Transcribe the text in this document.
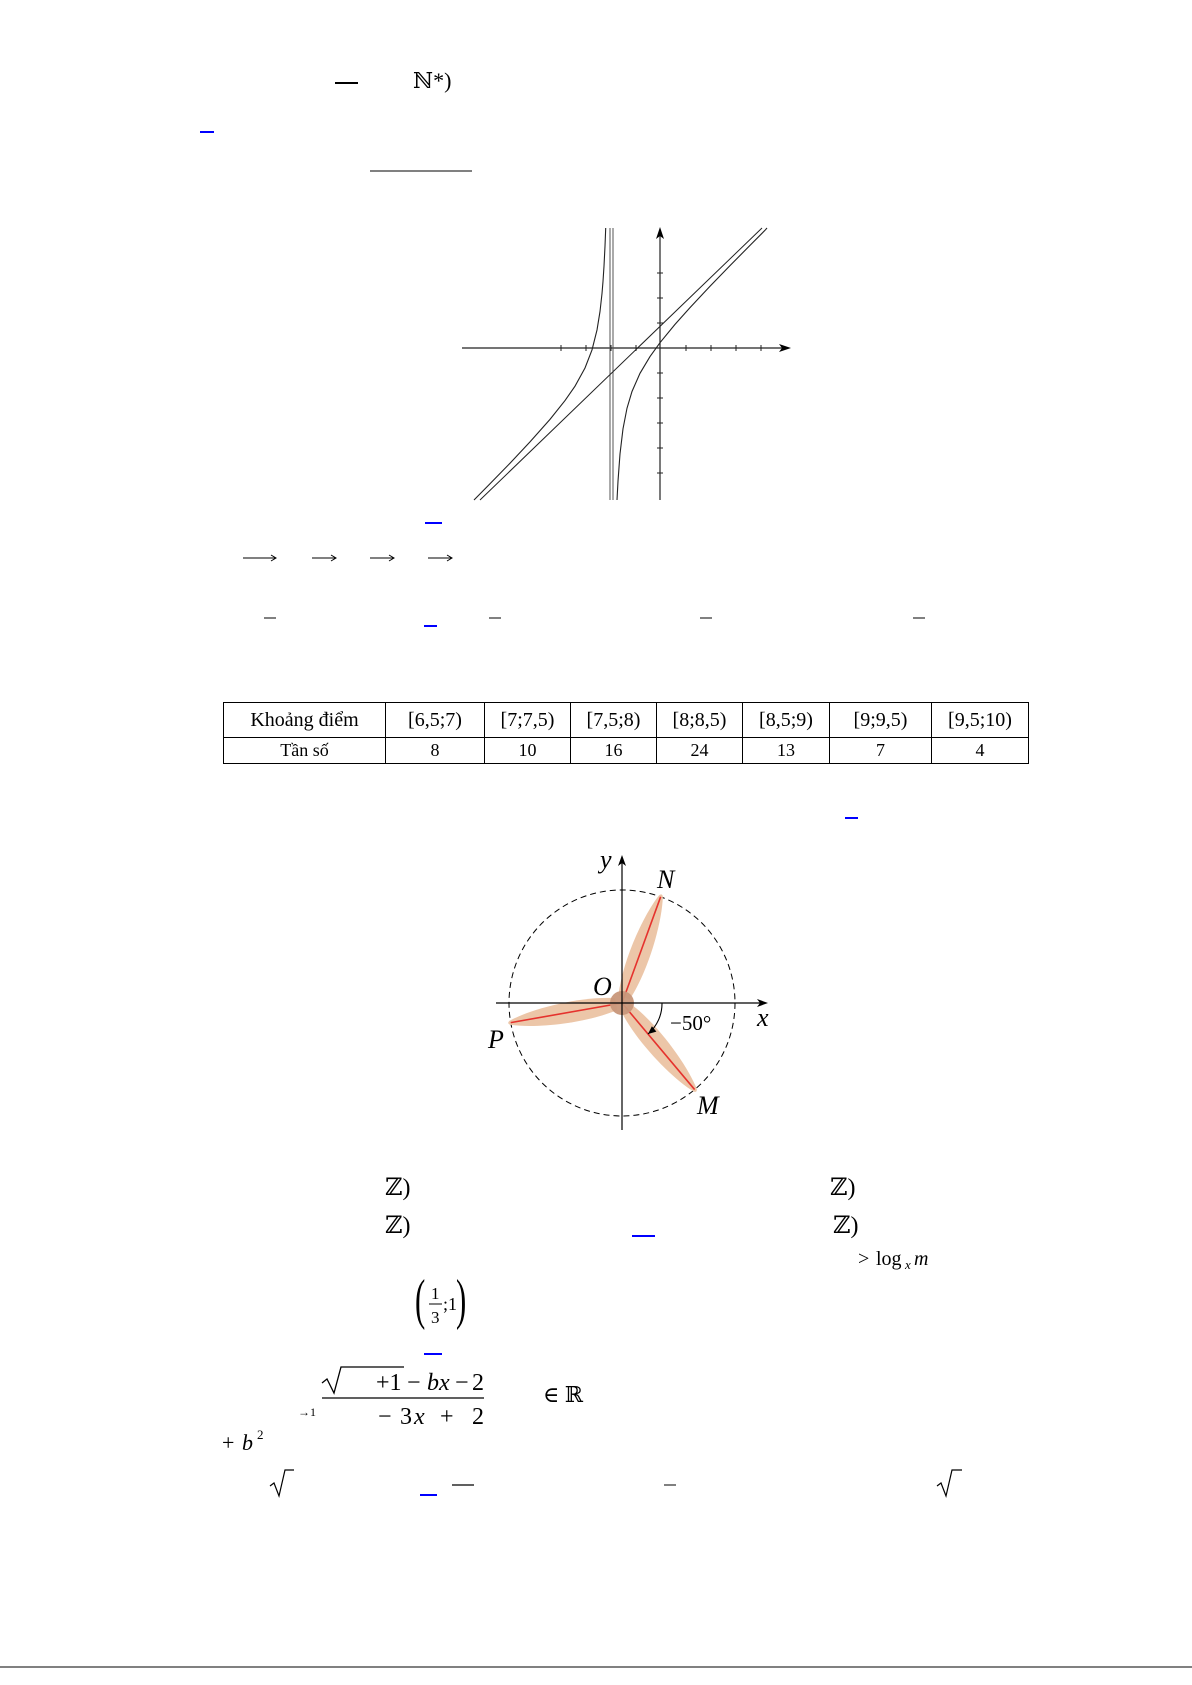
ℕ*)
y
N
O
x
P
M
−50°
ℤ)	ℤ)
ℤ)	ℤ)
> log x m
( 1
3
;1
)
→1
+1 − bx − 2
− 3 x + 2
∈ ℝ
+ b 2
Khoảng điểm	[6,5;7)	[7;7,5)	[7,5;8)	[8;8,5)	[8,5;9)	[9;9,5)	[9,5;10)
Tần số	8	10	16	24	13	7	4
